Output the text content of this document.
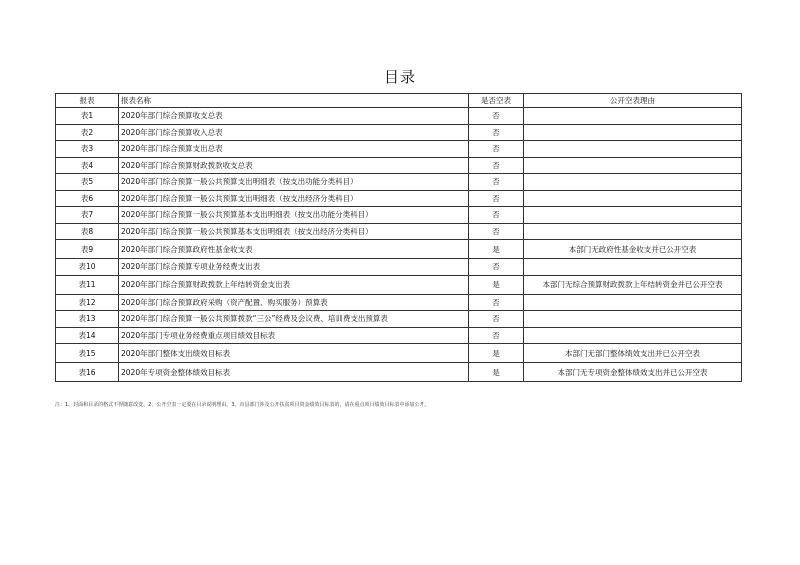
目录
报表	报表名称	是否空表	公开空表理由
表1	2020年部门综合预算收支总表	否	
表2	2020年部门综合预算收入总表	否	
表3	2020年部门综合预算支出总表	否	
表4	2020年部门综合预算财政拨款收支总表	否	
表5	2020年部门综合预算一般公共预算支出明细表（按支出功能分类科目）	否	
表6	2020年部门综合预算一般公共预算支出明细表（按支出经济分类科目）	否	
表7	2020年部门综合预算一般公共预算基本支出明细表（按支出功能分类科目）	否	
表8	2020年部门综合预算一般公共预算基本支出明细表（按支出经济分类科目）	否	
表9	2020年部门综合预算政府性基金收支表	是	本部门无政府性基金收支并已公开空表
表10	2020年部门综合预算专项业务经费支出表	否	
表11	2020年部门综合预算财政拨款上年结转资金支出表	是	本部门无综合预算财政拨款上年结转资金并已公开空表
表12	2020年部门综合预算政府采购（资产配置、购买服务）预算表	否	
表13	2020年部门综合预算一般公共预算拨款“三公”经费及会议费、培训费支出预算表	否	
表14	2020年部门专项业务经费重点项目绩效目标表	否	
表15	2020年部门整体支出绩效目标表	是	本部门无部门整体绩效支出并已公开空表
表16	2020年专项资金整体绩效目标表	是	本部门无专项资金整体绩效支出并已公开空表
注：1、封面和目录的格式不得随意改变。2、公开空表一定要在目录说明理由。3、市县部门涉及公开扶贫项目资金绩效目标表的，请在重点项目绩效目标表中添加公开。
